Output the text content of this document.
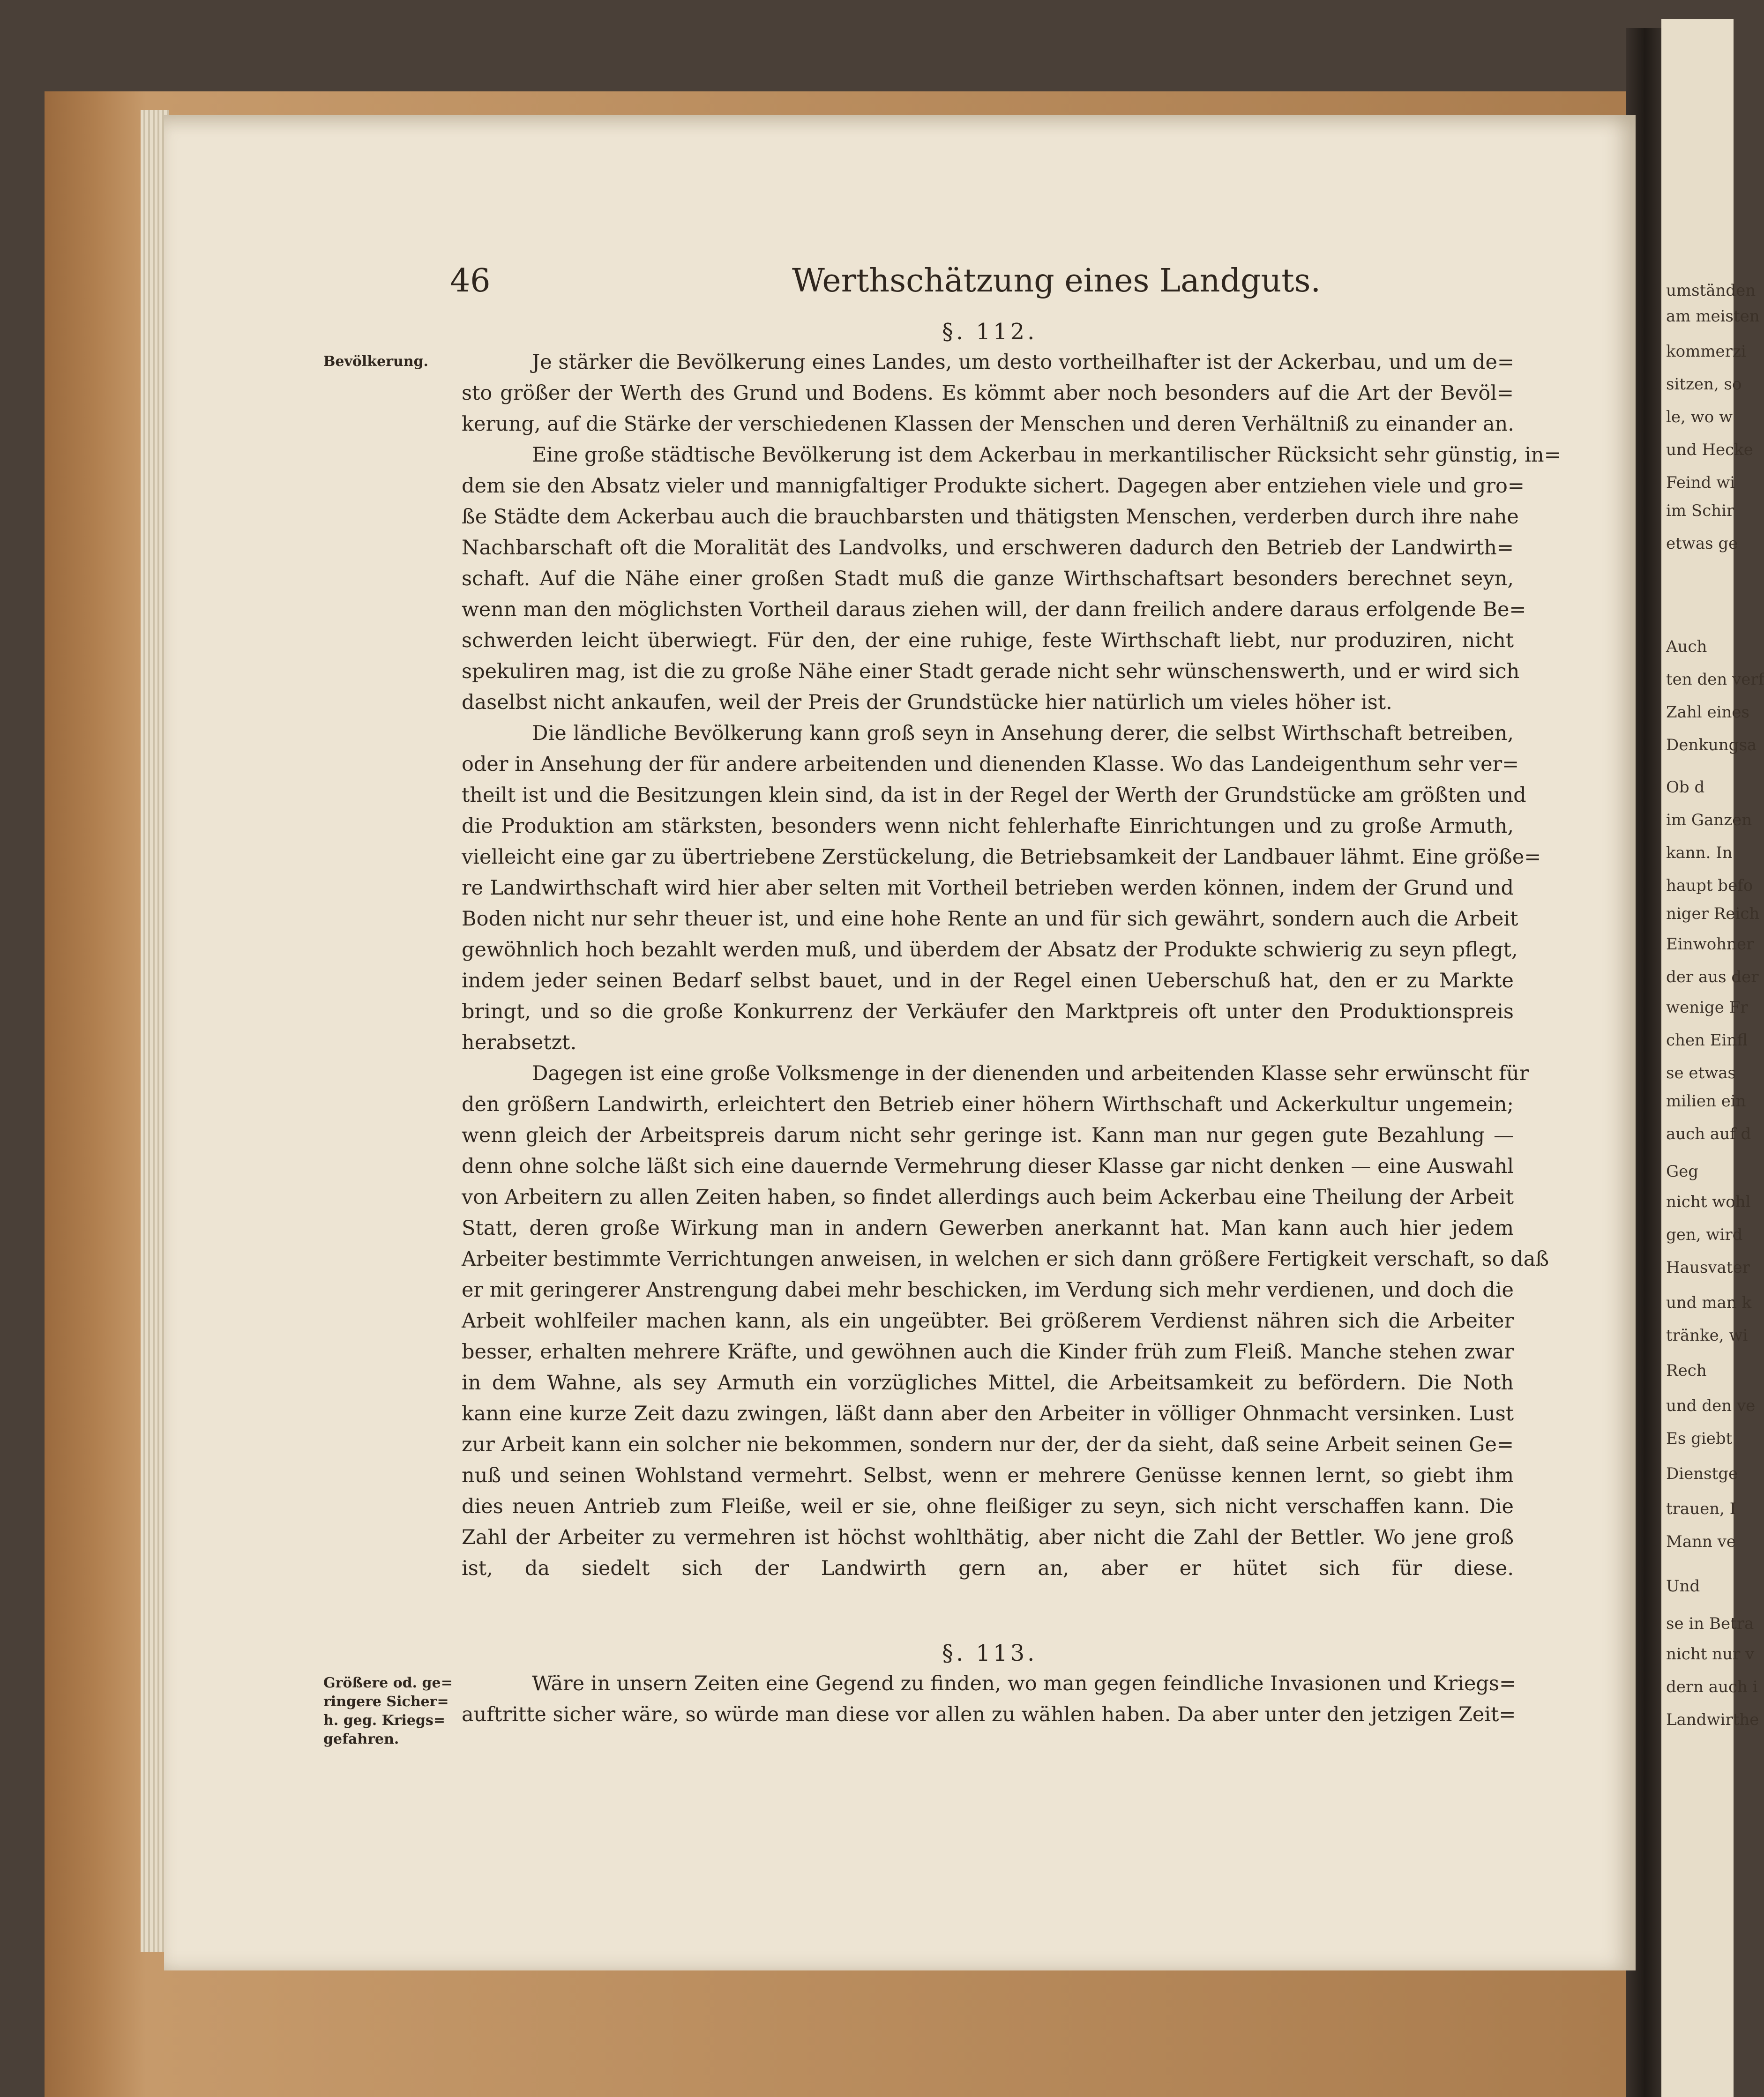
umständen
am meisten
kommerzi
sitzen, so
le, wo w
und Hecke
Feind wi
im Schir
etwas ge
Auch
ten den verf
Zahl eines
Denkungsa
Ob d
im Ganzen
kann. In
haupt befo
niger Reich
Einwohner
der aus der
wenige Fr
chen Einfl
se etwas
milien ein
auch auf d
Geg
nicht wohl
gen, wird
Hausvater
und man k
tränke, wi
Rech
und den ve
Es giebt
Dienstge
trauen, I
Mann ve
Und
se in Betra
nicht nur v
dern auch i
Landwirthe
46	Werthschätzung eines Landguts.
§. 112.
Bevölkerung.	Je stärker die Bevölkerung eines Landes, um desto vortheilhafter ist der Ackerbau, und um de=
sto größer der Werth des Grund und Bodens. Es kömmt aber noch besonders auf die Art der Bevöl=
kerung, auf die Stärke der verschiedenen Klassen der Menschen und deren Verhältniß zu einander an.
Eine große städtische Bevölkerung ist dem Ackerbau in merkantilischer Rücksicht sehr günstig, in=
dem sie den Absatz vieler und mannigfaltiger Produkte sichert. Dagegen aber entziehen viele und gro=
ße Städte dem Ackerbau auch die brauchbarsten und thätigsten Menschen, verderben durch ihre nahe
Nachbarschaft oft die Moralität des Landvolks, und erschweren dadurch den Betrieb der Landwirth=
schaft. Auf die Nähe einer großen Stadt muß die ganze Wirthschaftsart besonders berechnet seyn,
wenn man den möglichsten Vortheil daraus ziehen will, der dann freilich andere daraus erfolgende Be=
schwerden leicht überwiegt. Für den, der eine ruhige, feste Wirthschaft liebt, nur produziren, nicht
spekuliren mag, ist die zu große Nähe einer Stadt gerade nicht sehr wünschenswerth, und er wird sich
daselbst nicht ankaufen, weil der Preis der Grundstücke hier natürlich um vieles höher ist.
Die ländliche Bevölkerung kann groß seyn in Ansehung derer, die selbst Wirthschaft betreiben,
oder in Ansehung der für andere arbeitenden und dienenden Klasse. Wo das Landeigenthum sehr ver=
theilt ist und die Besitzungen klein sind, da ist in der Regel der Werth der Grundstücke am größten und
die Produktion am stärksten, besonders wenn nicht fehlerhafte Einrichtungen und zu große Armuth,
vielleicht eine gar zu übertriebene Zerstückelung, die Betriebsamkeit der Landbauer lähmt. Eine größe=
re Landwirthschaft wird hier aber selten mit Vortheil betrieben werden können, indem der Grund und
Boden nicht nur sehr theuer ist, und eine hohe Rente an und für sich gewährt, sondern auch die Arbeit
gewöhnlich hoch bezahlt werden muß, und überdem der Absatz der Produkte schwierig zu seyn pflegt,
indem jeder seinen Bedarf selbst bauet, und in der Regel einen Ueberschuß hat, den er zu Markte
bringt, und so die große Konkurrenz der Verkäufer den Marktpreis oft unter den Produktionspreis
herabsetzt.
Dagegen ist eine große Volksmenge in der dienenden und arbeitenden Klasse sehr erwünscht für
den größern Landwirth, erleichtert den Betrieb einer höhern Wirthschaft und Ackerkultur ungemein;
wenn gleich der Arbeitspreis darum nicht sehr geringe ist. Kann man nur gegen gute Bezahlung —
denn ohne solche läßt sich eine dauernde Vermehrung dieser Klasse gar nicht denken — eine Auswahl
von Arbeitern zu allen Zeiten haben, so findet allerdings auch beim Ackerbau eine Theilung der Arbeit
Statt, deren große Wirkung man in andern Gewerben anerkannt hat. Man kann auch hier jedem
Arbeiter bestimmte Verrichtungen anweisen, in welchen er sich dann größere Fertigkeit verschaft, so daß
er mit geringerer Anstrengung dabei mehr beschicken, im Verdung sich mehr verdienen, und doch die
Arbeit wohlfeiler machen kann, als ein ungeübter. Bei größerem Verdienst nähren sich die Arbeiter
besser, erhalten mehrere Kräfte, und gewöhnen auch die Kinder früh zum Fleiß. Manche stehen zwar
in dem Wahne, als sey Armuth ein vorzügliches Mittel, die Arbeitsamkeit zu befördern. Die Noth
kann eine kurze Zeit dazu zwingen, läßt dann aber den Arbeiter in völliger Ohnmacht versinken. Lust
zur Arbeit kann ein solcher nie bekommen, sondern nur der, der da sieht, daß seine Arbeit seinen Ge=
nuß und seinen Wohlstand vermehrt. Selbst, wenn er mehrere Genüsse kennen lernt, so giebt ihm
dies neuen Antrieb zum Fleiße, weil er sie, ohne fleißiger zu seyn, sich nicht verschaffen kann. Die
Zahl der Arbeiter zu vermehren ist höchst wohlthätig, aber nicht die Zahl der Bettler. Wo jene groß
ist, da siedelt sich der Landwirth gern an, aber er hütet sich für diese.
§. 113.
Größere od. ge=
ringere Sicher=
h. geg. Kriegs=
gefahren.
Wäre in unsern Zeiten eine Gegend zu finden, wo man gegen feindliche Invasionen und Kriegs=
auftritte sicher wäre, so würde man diese vor allen zu wählen haben. Da aber unter den jetzigen Zeit=
